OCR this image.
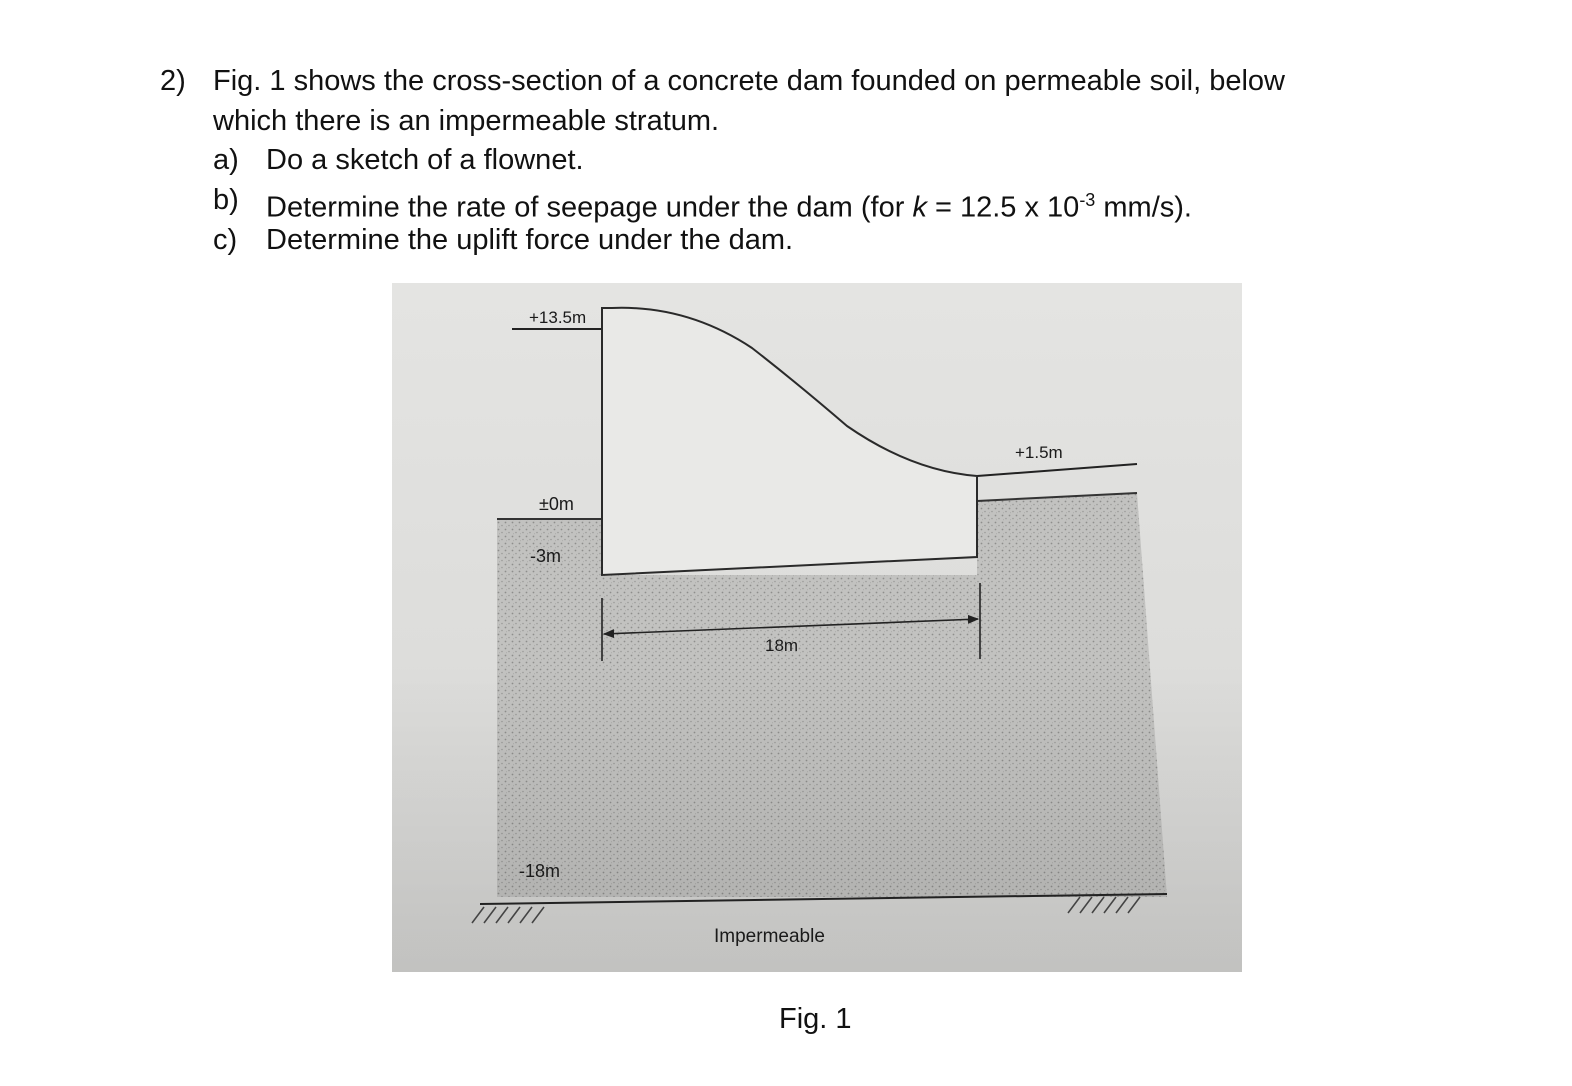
2) Fig. 1 shows the cross-section of a concrete dam founded on permeable soil, below
which there is an impermeable stratum.
a) Do a sketch of a flownet.
b) Determine the rate of seepage under the dam (for k = 12.5 x $10^{-3}$ mm/s).
c) Determine the uplift force under the dam.
+13.5m
+1.5m
±0m
-3m
-18m
18m
Impermeable
Fig. 1
